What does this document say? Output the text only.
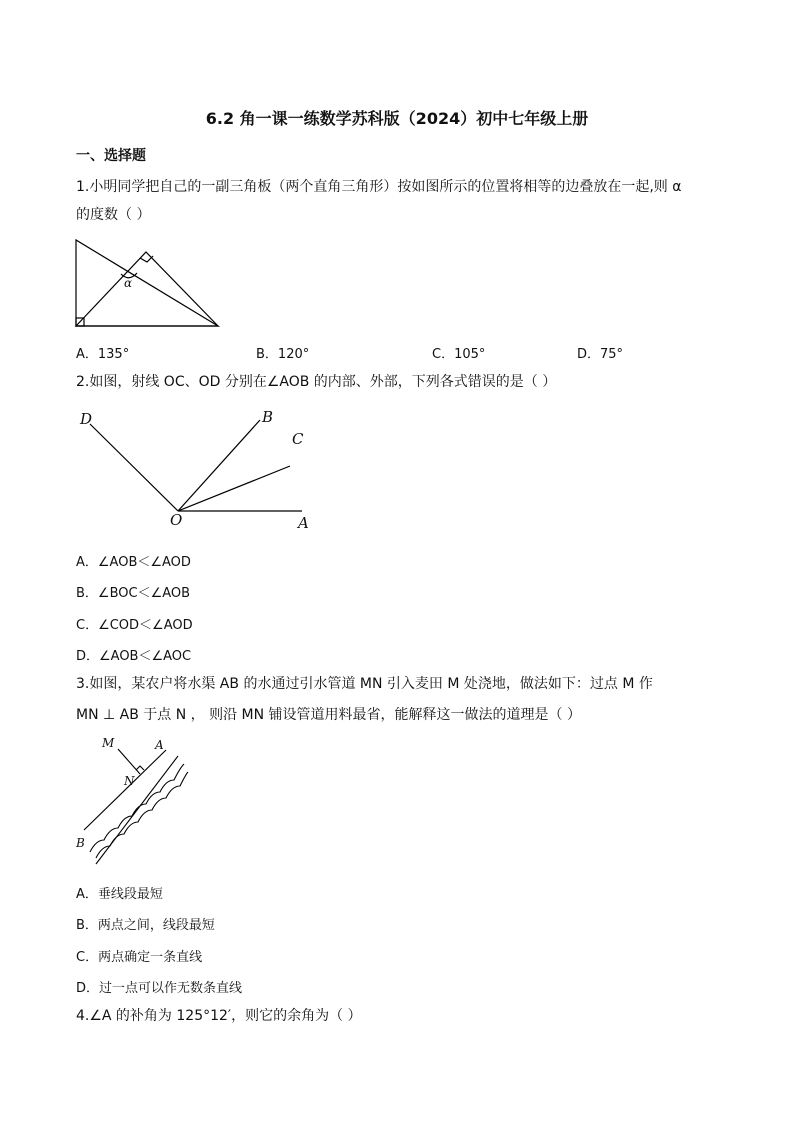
6.2 角一课一练数学苏科版（2024）初中七年级上册
一、选择题
1.小明同学把自己的一副三角板（两个直角三角形）按如图所示的位置将相等的边叠放在一起,则 α
的度数（ ）
α
A．135°	B．120°	C．105°	D．75°
2.如图，射线 OC、OD 分别在∠AOB 的内部、外部，下列各式错误的是（ ）
D	B
C
O	A
A．∠AOB＜∠AOD
B．∠BOC＜∠AOB
C．∠COD＜∠AOD
D．∠AOB＜∠AOC
3.如图，某农户将水渠 AB 的水通过引水管道 MN 引入麦田 M 处浇地，做法如下：过点 M 作
MN ⊥ AB 于点 N ， 则沿 MN 铺设管道用料最省，能解释这一做法的道理是（ ）
M	A
N
B
A．垂线段最短
B．两点之间，线段最短
C．两点确定一条直线
D．过一点可以作无数条直线
4.∠A 的补角为 125°12′，则它的余角为（ ）
